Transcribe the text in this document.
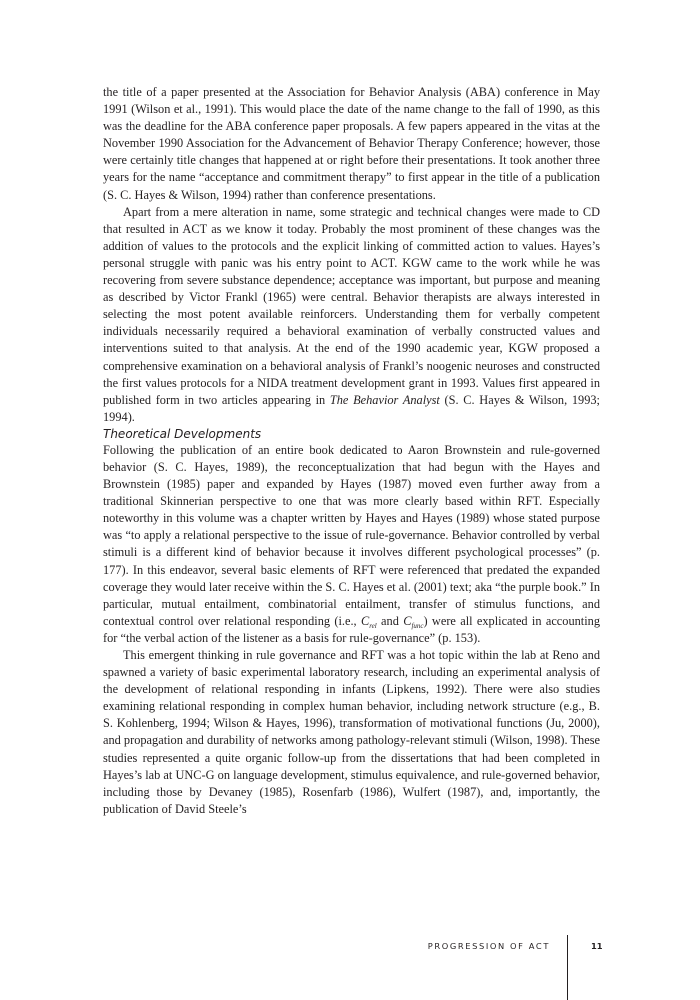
the title of a paper presented at the Association for Behavior Analysis (ABA) conference in May 1991 (Wilson et al., 1991). This would place the date of the name change to the fall of 1990, as this was the deadline for the ABA conference paper proposals. A few papers appeared in the vitas at the November 1990 Association for the Advancement of Behavior Therapy Conference; however, those were certainly title changes that happened at or right before their presentations. It took another three years for the name “acceptance and commitment therapy” to first appear in the title of a publication (S. C. Hayes & Wilson, 1994) rather than conference presentations.

Apart from a mere alteration in name, some strategic and technical changes were made to CD that resulted in ACT as we know it today. Probably the most prominent of these changes was the addition of values to the protocols and the explicit linking of committed action to values. Hayes’s personal struggle with panic was his entry point to ACT. KGW came to the work while he was recovering from severe substance dependence; acceptance was important, but purpose and meaning as described by Victor Frankl (1965) were central. Behavior therapists are always interested in selecting the most potent available reinforcers. Understanding them for verbally competent individuals necessarily required a behavioral examination of verbally constructed values and interventions suited to that analysis. At the end of the 1990 academic year, KGW proposed a comprehensive examination on a behavioral analysis of Frankl’s noogenic neuroses and constructed the first values protocols for a NIDA treatment development grant in 1993. Values first appeared in published form in two articles appearing in The Behavior Analyst (S. C. Hayes & Wilson, 1993; 1994).

Theoretical Developments

Following the publication of an entire book dedicated to Aaron Brownstein and rule-governed behavior (S. C. Hayes, 1989), the reconceptualization that had begun with the Hayes and Brownstein (1985) paper and expanded by Hayes (1987) moved even further away from a traditional Skinnerian perspective to one that was more clearly based within RFT. Especially noteworthy in this volume was a chapter written by Hayes and Hayes (1989) whose stated purpose was “to apply a relational perspective to the issue of rule-governance. Behavior controlled by verbal stimuli is a different kind of behavior because it involves different psychological processes” (p. 177). In this endeavor, several basic elements of RFT were referenced that predated the expanded coverage they would later receive within the S. C. Hayes et al. (2001) text; aka “the purple book.” In particular, mutual entailment, combinatorial entailment, transfer of stimulus functions, and contextual control over relational responding (i.e., $C_{rel}$ and $C_{func}$) were all explicated in accounting for “the verbal action of the listener as a basis for rule-governance” (p. 153).

This emergent thinking in rule governance and RFT was a hot topic within the lab at Reno and spawned a variety of basic experimental laboratory research, including an experimental analysis of the development of relational responding in infants (Lipkens, 1992). There were also studies examining relational responding in complex human behavior, including network structure (e.g., B. S. Kohlenberg, 1994; Wilson & Hayes, 1996), transformation of motivational functions (Ju, 2000), and propagation and durability of networks among pathology-relevant stimuli (Wilson, 1998). These studies represented a quite organic follow-up from the dissertations that had been completed in Hayes’s lab at UNC-G on language development, stimulus equivalence, and rule-governed behavior, including those by Devaney (1985), Rosenfarb (1986), Wulfert (1987), and, importantly, the publication of David Steele’s

PROGRESSION OF ACT	11
